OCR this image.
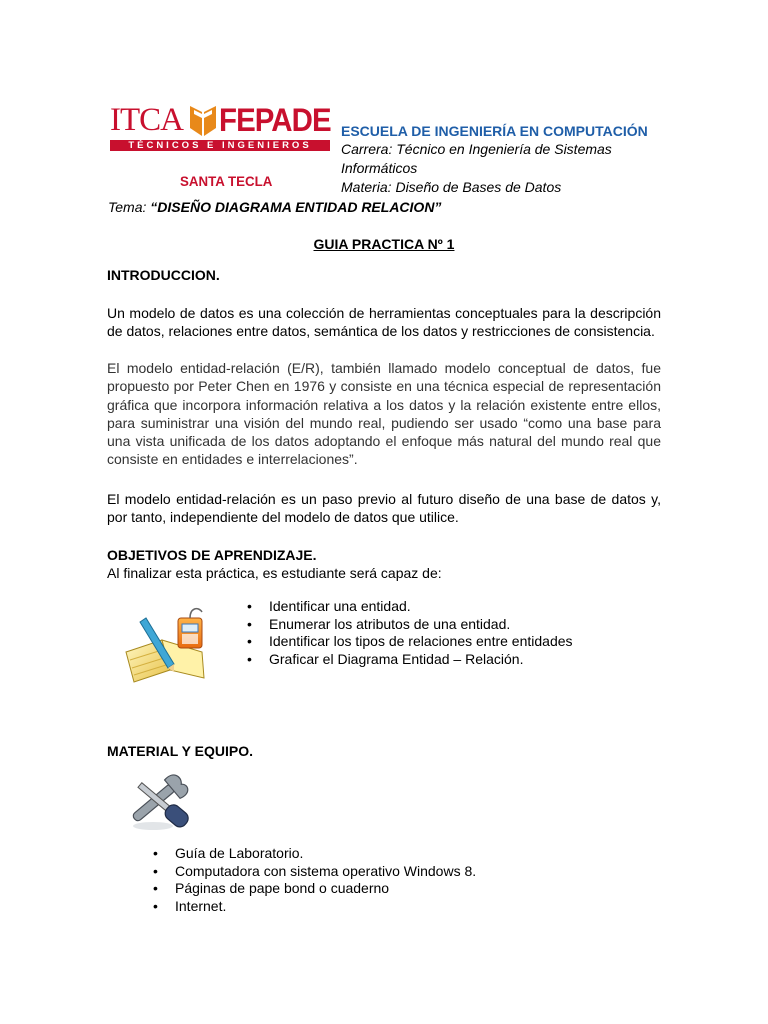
ITCA FEPADE
TÉCNICOS E INGENIEROS
SANTA TECLA
ESCUELA DE INGENIERÍA EN COMPUTACIÓN
Carrera: Técnico en Ingeniería de Sistemas
Informáticos
Materia: Diseño de Bases de Datos
Tema: “DISEÑO DIAGRAMA ENTIDAD RELACION”
GUIA PRACTICA Nº 1
INTRODUCCION.
Un modelo de datos es una colección de herramientas conceptuales para la descripción de datos, relaciones entre datos, semántica de los datos y restricciones de consistencia.
El modelo entidad-relación (E/R), también llamado modelo conceptual de datos, fue propuesto por Peter Chen en 1976 y consiste en una técnica especial de representación gráfica que incorpora información relativa a los datos y la relación existente entre ellos, para suministrar una visión del mundo real, pudiendo ser usado “como una base para una vista unificada de los datos adoptando el enfoque más natural del mundo real que consiste en entidades e interrelaciones”.
El modelo entidad-relación es un paso previo al futuro diseño de una base de datos y, por tanto, independiente del modelo de datos que utilice.
OBJETIVOS DE APRENDIZAJE.
Al finalizar esta práctica, es estudiante será capaz de:
• Identificar una entidad.
• Enumerar los atributos de una entidad.
• Identificar los tipos de relaciones entre entidades
• Graficar el Diagrama Entidad – Relación.
MATERIAL Y EQUIPO.
• Guía de Laboratorio.
• Computadora con sistema operativo Windows 8.
• Páginas de pape bond o cuaderno
• Internet.
